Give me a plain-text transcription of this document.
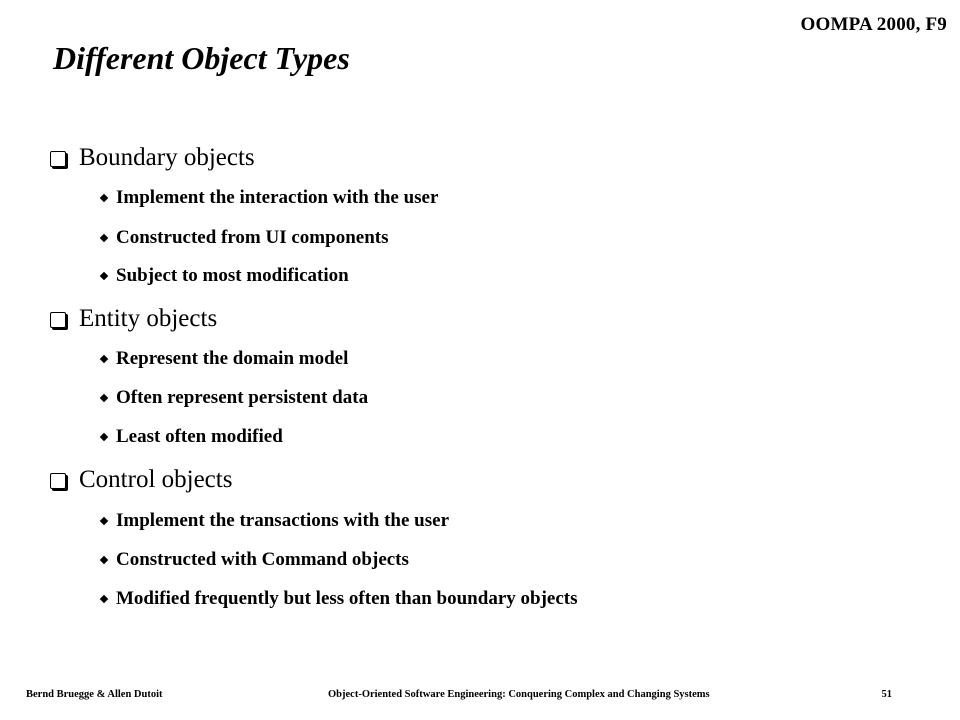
OOMPA 2000, F9
Different Object Types
Boundary objects
Implement the interaction with the user
Constructed from UI components
Subject to most modification
Entity objects
Represent the domain model
Often represent persistent data
Least often modified
Control objects
Implement the transactions with the user
Constructed with Command objects
Modified frequently but less often than boundary objects
Bernd Bruegge & Allen Dutoit	Object-Oriented Software Engineering: Conquering Complex and Changing Systems	51
